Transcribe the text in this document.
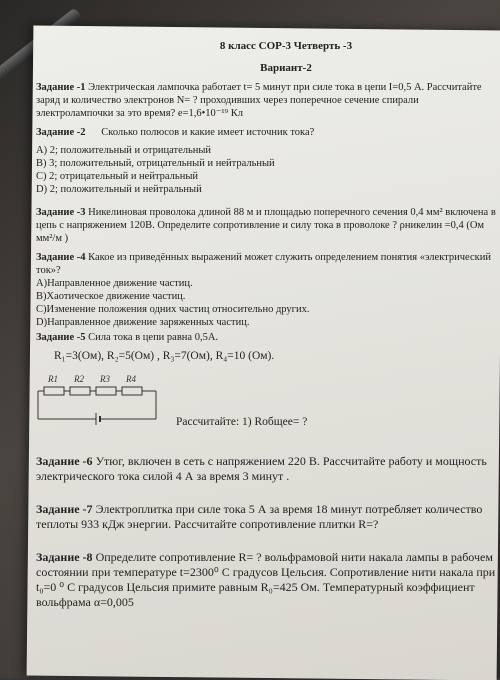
8 класс СОР-3 Четверть -3
Вариант-2
Задание -1 Электрическая лампочка работает t= 5 минут при силе тока в цепи I=0,5 А. Рассчитайте заряд и количество электронов N= ? проходивших через поперечное сечение спирали электролампочки за это время? е=1,6•10⁻¹⁹ Кл
Задание -2 Сколько полюсов и какие имеет источник тока?
A) 2; положительный и отрицательный
B) 3; положительный, отрицательный и нейтральный
C) 2; отрицательный и нейтральный
D) 2; положительный и нейтральный
Задание -3 Никелиновая проволока длиной 88 м и площадью поперечного сечения 0,4 мм² включена в цепь с напряжением 120В. Определите сопротивление и силу тока в проволоке ? ρникелин =0,4 (Ом мм²/м )
Задание -4 Какое из приведённых выражений может служить определением понятия «электрический ток»?
A)Направленное движение частиц.
B)Хаотическое движение частиц.
C)Изменение положения одних частиц относительно других.
D)Направленное движение заряженных частиц.
Задание -5 Сила тока в цепи равна 0,5А.
R₁=3(Ом), R₂=5(Ом) , R₃=7(Ом), R₄=10 (Ом).
R1 R2 R3 R4
Рассчитайте: 1) Rобщее= ?
Задание -6 Утюг, включен в сеть с напряжением 220 В. Рассчитайте работу и мощность электрического тока силой 4 А за время 3 минут .
Задание -7 Электроплитка при силе тока 5 А за время 18 минут потребляет количество теплоты 933 кДж энергии. Рассчитайте сопротивление плитки R=?
Задание -8 Определите сопротивление R= ? вольфрамовой нити накала лампы в рабочем состоянии при температуре t=2300⁰ С градусов Цельсия. Сопротивление нити накала при t₀=0 ⁰ С градусов Цельсия примите равным R₀=425 Ом. Температурный коэффициент вольфрама α=0,005
